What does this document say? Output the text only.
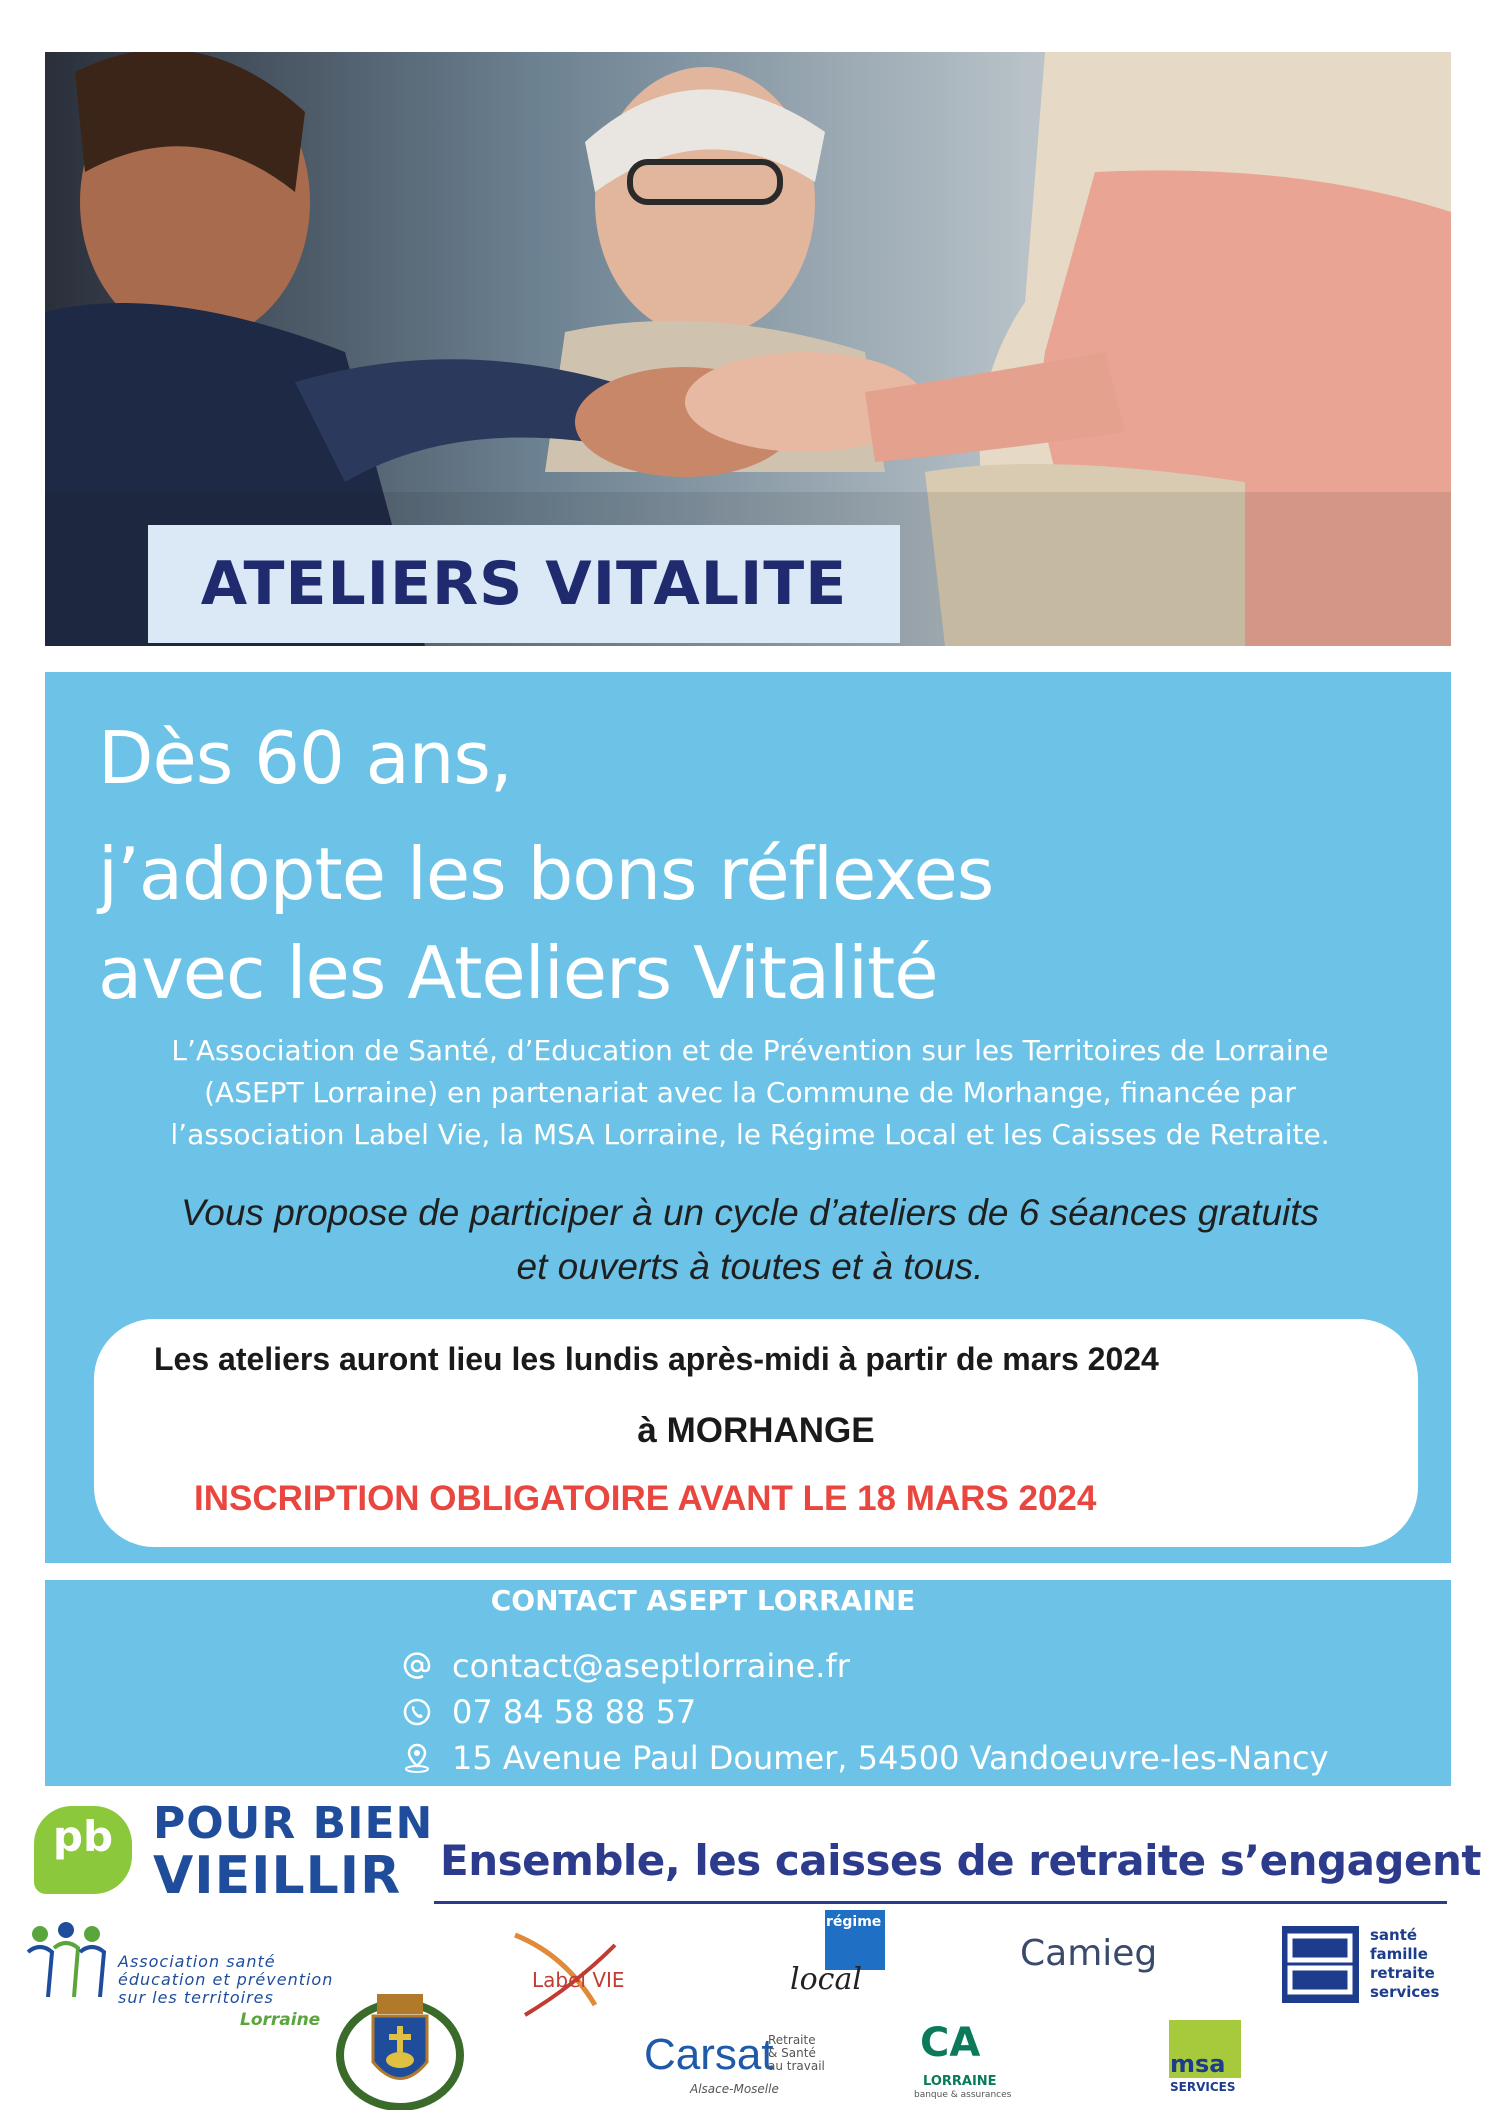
ATELIERS VITALITE
Dès 60 ans,
j’adopte les bons réflexes
avec les Ateliers Vitalité
L’Association de Santé, d’Education et de Prévention sur les Territoires de Lorraine
(ASEPT Lorraine) en partenariat avec la Commune de Morhange, financée par
l’association Label Vie, la MSA Lorraine, le Régime Local et les Caisses de Retraite.
Vous propose de participer à un cycle d’ateliers de 6 séances gratuits
et ouverts à toutes et à tous.
Les ateliers auront lieu les lundis après-midi à partir de mars 2024
à MORHANGE
INSCRIPTION OBLIGATOIRE AVANT LE 18 MARS 2024
CONTACT ASEPT LORRAINE
contact@aseptlorraine.fr
07 84 58 88 57
15 Avenue Paul Doumer, 54500 Vandoeuvre-les-Nancy
pb POUR BIEN
VIEILLIR Ensemble, les caisses de retraite s’engagent
Association santé
éducation et prévention
sur les territoires
Lorraine
Label VIE
régime
local
Camieg	santé
famille
retraite
services
Carsat
Retraite
& Santé
au travail
Alsace-Moselle
CA
LORRAINE
banque & assurances
msa
SERVICES
